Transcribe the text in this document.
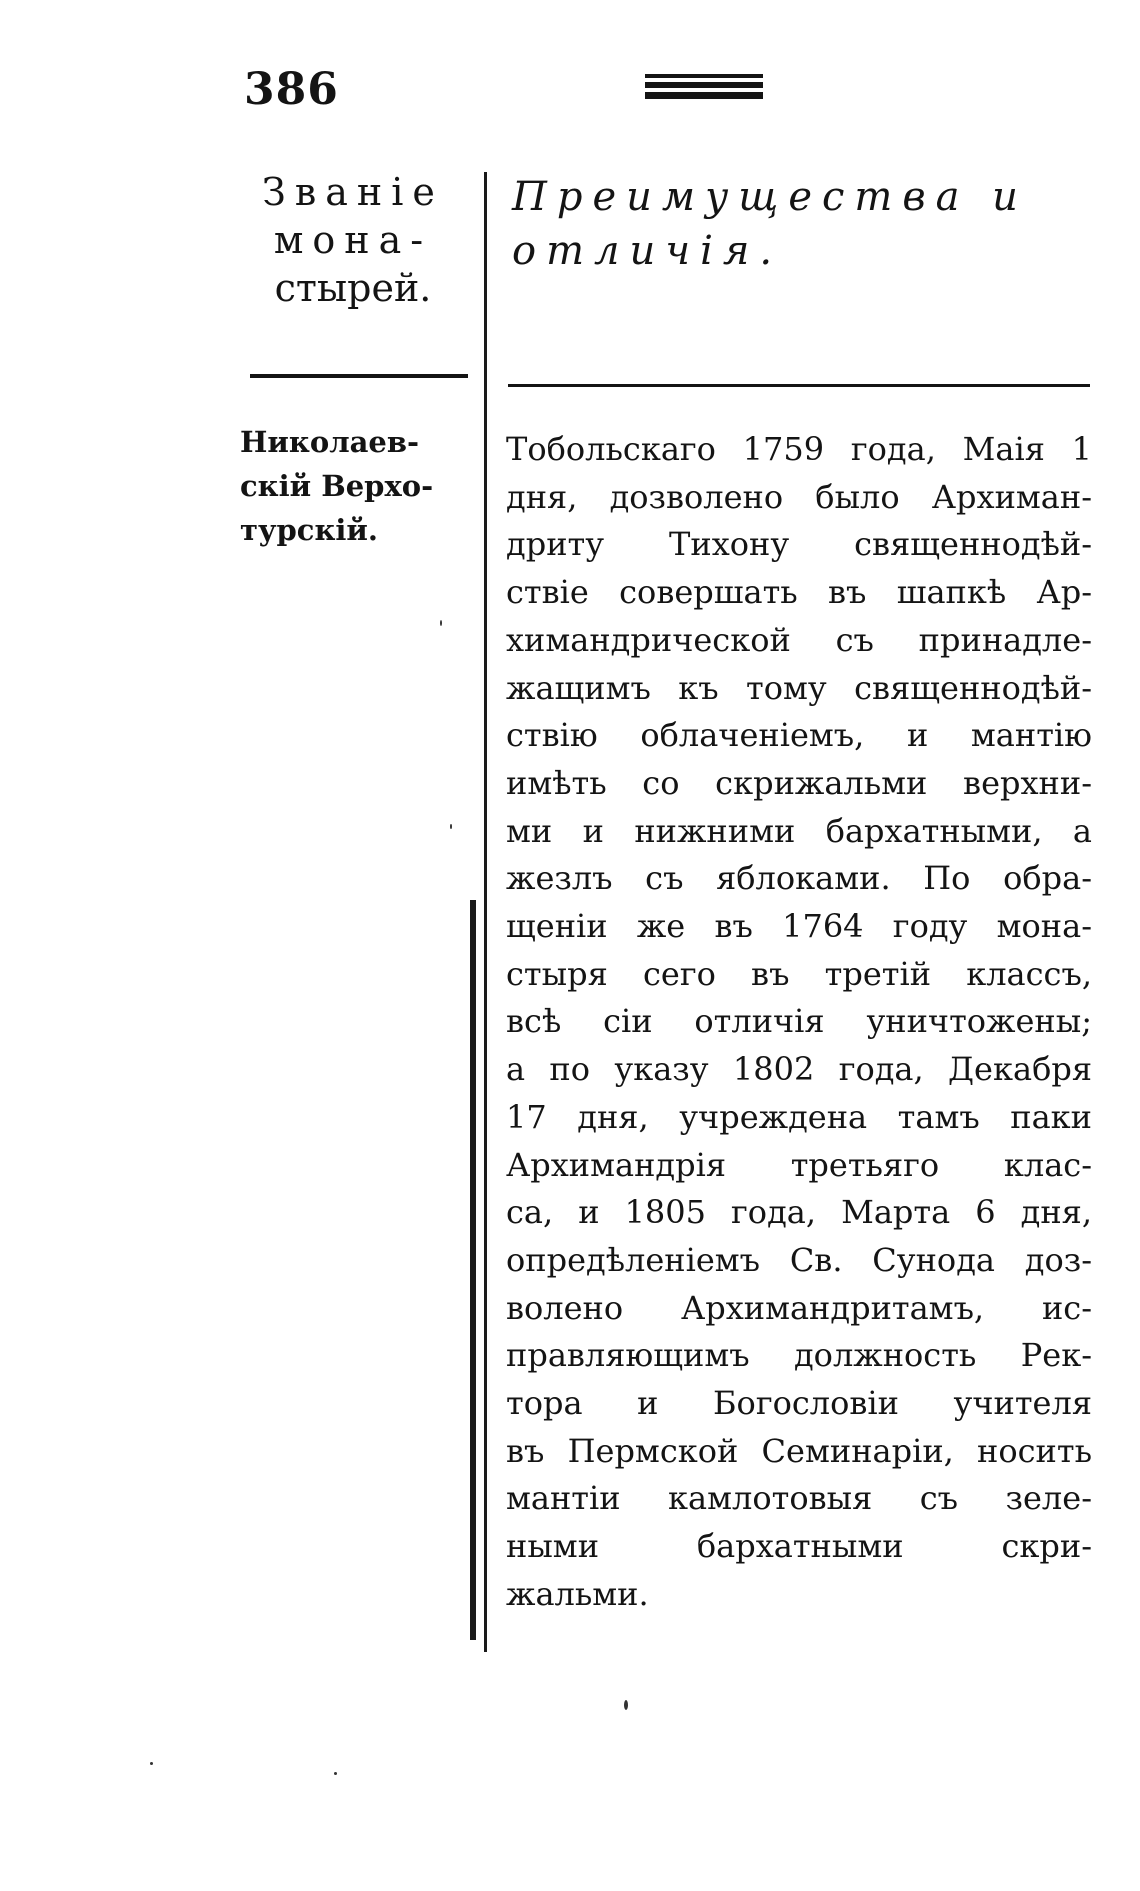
386
Званіе
мона-
стырей.
Преимущества и
отличія.
Николаев-
скій Верхо-
турскій.
Тобольскаго 1759 года, Маія 1
дня, дозволено было Архиман-
дриту Тихону священнодѣй-
ствіе совершать въ шапкѣ Ар-
химандрической съ принадле-
жащимъ къ тому священнодѣй-
ствію облаченіемъ, и мантію
имѣть со скрижальми верхни-
ми и нижними бархатными, а
жезлъ съ яблоками. По обра-
щеніи же въ 1764 году мона-
стыря сего въ третій классъ,
всѣ сіи отличія уничтожены;
а по указу 1802 года, Декабря
17 дня, учреждена тамъ паки
Архимандрія третьяго клас-
са, и 1805 года, Марта 6 дня,
опредѣленіемъ Св. Сунода доз-
волено Архимандритамъ, ис-
правляющимъ должность Рек-
тора и Богословіи учителя
въ Пермской Семинаріи, носить
мантіи камлотовыя съ зеле-
ными бархатными скри-
жальми.
